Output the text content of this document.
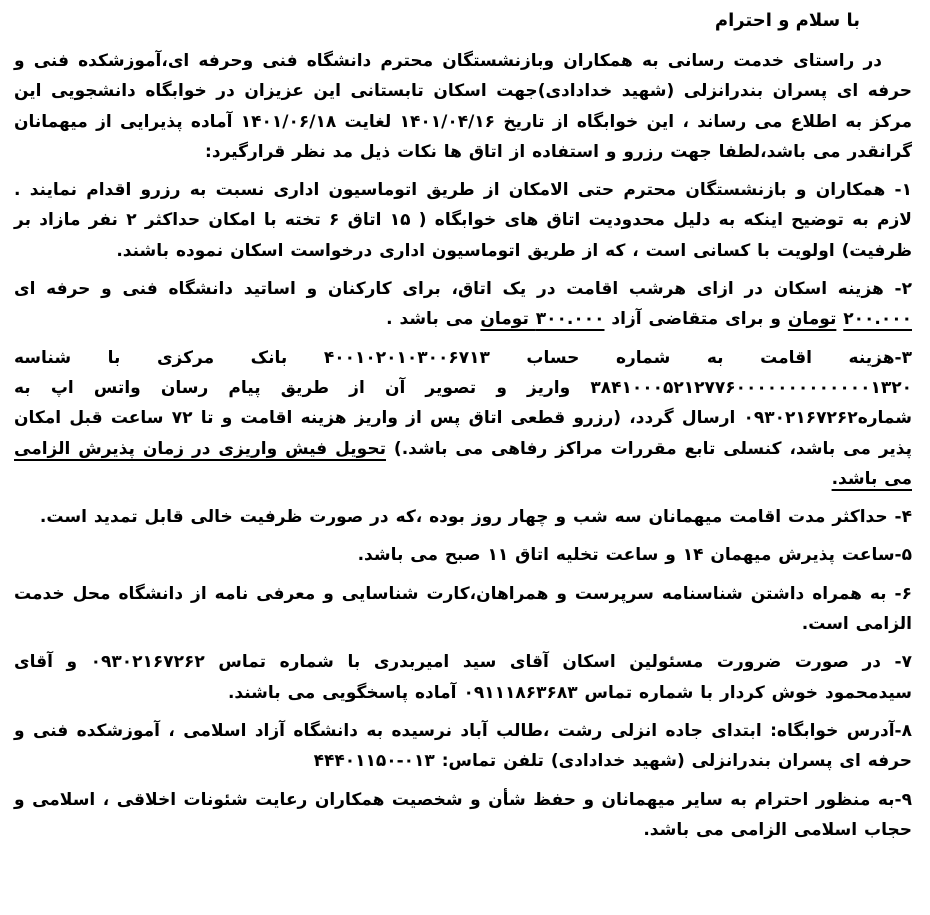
با سلام و احترام

در راستای خدمت رسانی به همکاران وبازنشستگان محترم دانشگاه فنی وحرفه ای،آموزشکده فنی و حرفه ای پسران بندرانزلی (شهید خدادادی)جهت اسکان تابستانی این عزیزان در خوابگاه دانشجویی این مرکز به اطلاع می رساند ، این خوابگاه از تاریخ ۱۴۰۱/۰۴/۱۶ لغایت ۱۴۰۱/۰۶/۱۸ آماده پذیرایی از میهمانان گرانقدر می باشد،لطفا جهت رزرو و استفاده از اتاق ها نکات ذیل مد نظر قرارگیرد:

۱- همکاران و بازنشستگان محترم حتی الامکان از طریق اتوماسیون اداری نسبت به رزرو اقدام نمایند . لازم به توضیح اینکه به دلیل محدودیت اتاق های خوابگاه ( ۱۵ اتاق ۶ تخته با امکان حداکثر ۲ نفر مازاد بر ظرفیت) اولویت با کسانی است ، که از طریق اتوماسیون اداری درخواست اسکان نموده باشند.

۲- هزینه اسکان در ازای هرشب اقامت در یک اتاق، برای کارکنان و اساتید دانشگاه فنی و حرفه ای ۲۰۰.۰۰۰ تومان و برای متقاضی آزاد ۳۰۰.۰۰۰ تومان می باشد .

۳-هزینه اقامت به شماره حساب ۴۰۰۱۰۲۰۱۰۳۰۰۶۷۱۳ بانک مرکزی با شناسه ۳۸۴۱۰۰۰۵۲۱۲۷۷۶۰۰۰۰۰۰۰۰۰۰۰۰۰۱۳۲۰ واریز و تصویر آن از طریق پیام رسان واتس اپ به شماره۰۹۳۰۲۱۶۷۲۶۲ ارسال گردد، (رزرو قطعی اتاق پس از واریز هزینه اقامت و تا ۷۲ ساعت قبل امکان پذیر می باشد، کنسلی تابع مقررات مراکز رفاهی می باشد.) تحویل فیش واریزی در زمان پذیرش الزامی می باشد.

۴- حداکثر مدت اقامت میهمانان سه شب و چهار روز بوده ،که در صورت ظرفیت خالی قابل تمدید است.

۵-ساعت پذیرش میهمان ۱۴ و ساعت تخلیه اتاق ۱۱ صبح می باشد.

۶- به همراه داشتن شناسنامه سرپرست و همراهان،کارت شناسایی و معرفی نامه از دانشگاه محل خدمت الزامی است.

۷- در صورت ضرورت مسئولین اسکان آقای سید امیربدری با شماره تماس ۰۹۳۰۲۱۶۷۲۶۲ و آقای سیدمحمود خوش کردار با شماره تماس ۰۹۱۱۱۸۶۳۶۸۳ آماده پاسخگویی می باشند.

۸-آدرس خوابگاه: ابتدای جاده انزلی رشت ،طالب آباد نرسیده به دانشگاه آزاد اسلامی ، آموزشکده فنی و حرفه ای پسران بندرانزلی (شهید خدادادی) تلفن تماس: ۰۱۳-۴۴۴۰۱۱۵۰

۹-به منظور احترام به سایر میهمانان و حفظ شأن و شخصیت همکاران رعایت شئونات اخلاقی ، اسلامی و حجاب اسلامی الزامی می باشد.
